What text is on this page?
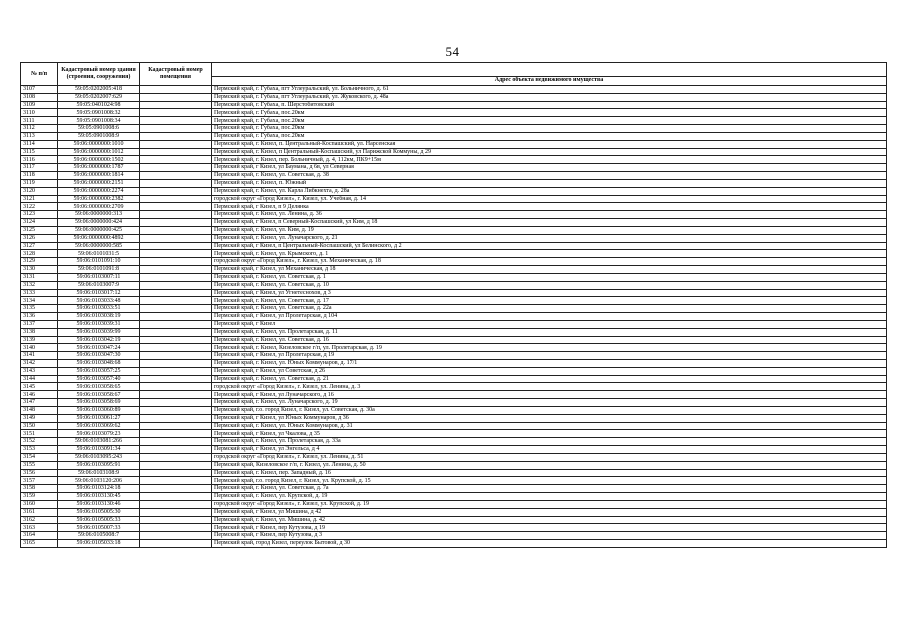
54
№ п/п	Кадастровый номер здания (строения, сооружения)	Кадастровый номер помещения	
			Адрес объекта недвижимого имущества
3107	59:05:0202005:418		Пермский край, г. Губаха, пгт Углеуральский, ул. Больничного, д. 61
3108	59:05:0202007:629		Пермский край, г. Губаха, пгт Углеуральский, ул. Жуковского, д. 48а
3109	59:05:0401024:98		Пермский край, г. Губаха, п. Шерстобитовский
3110	59:05:0901008:32		Пермский край, г. Губаха, пос.20км
3111	59:05:0901008:34		Пермский край, г. Губаха, пос.20км
3112	59:05:0901008:6		Пермский край, г. Губаха, пос.20км
3113	59:05:0901008:9		Пермский край, г. Губаха, пос.20км
3114	59:06:0000000:1010		Пермский край, г. Кизел, п. Центральный-Коспашский, ул. Нарсенская
3115	59:06:0000000:1012		Пермский край, г. Кизел, п Центральный-Коспашский, ул Парижской Коммуны, д 29
3116	59:06:0000000:1502		Пермский край, г. Кизел, пер. Больничный, д. 4, 112км, ПК9+15м
3117	59:06:0000000:1787		Пермский край, г Кизел, ул Баумана, д 6в, ул Северная
3118	59:06:0000000:1814		Пермский край, г. Кизел, ул. Советская, д. 38
3119	59:06:0000000:2151		Пермский край, г. Кизел, п. Южный
3120	59:06:0000000:2274		Пермский край, г. Кизел, ул. Карла Либкнехта, д. 28а
3121	59:06:0000000:2382		городской округ «Город Кизел», г. Кизел, ул. Учебная, д. 14
3122	59:06:0000000:2709		Пермский край, г Кизел, п 9 Делянка
3123	59:06:0000000:313		Пермский край, г. Кизел, ул. Ленина, д. 36
3124	59:06:0000000:424		Пермский край, г Кизел, п Северный-Коспашский, ул Ким, д 18
3125	59:06:0000000:425		Пермский край, г. Кизел, ул. Ким, д. 19
3126	59:06:0000000:4892		Пермский край, г. Кизел, ул. Луначарского, д. 21
3127	59:06:0000000:585		Пермский край, г Кизел, п Центральный-Коспашский, ул Белинского, д 2
3128	59:06:0101031:5		Пермский край, г. Кизел, ул. Крымского, д. 1
3129	59:06:0101091:10		городской округ «Город Кизел», г. Кизел, ул. Механическая, д. 18
3130	59:06:0101091:8		Пермский край, г Кизел, ул Механическая, д 18
3131	59:06:0103007:11		Пермский край, г. Кизел, ул. Советская, д. 1
3132	59:06:0103007:9		Пермский край, г. Кизел, ул. Советская, д. 10
3133	59:06:0103017:12		Пермский край, г Кизел, ул Угнетеснохов, д 3
3134	59:06:0103033:48		Пермский край, г. Кизел, ул. Советская, д. 17
3135	59:06:0103033:51		Пермский край, г. Кизел, ул. Советская, д. 22а
3136	59:06:0103038:19		Пермский край, г Кизел, ул Пролетарская, д 104
3137	59:06:0103039:31		Пермский край, г Кизел
3138	59:06:0103039:99		Пермский край, г. Кизел, ул. Пролетарская, д. 11
3139	59:06:0103042:19		Пермский край, г. Кизел, ул. Советская, д. 16
3140	59:06:0103047:24		Пермский край, г. Кизел, Кизеловское г/п, ул. Пролетарская, д. 19
3141	59:06:0103047:30		Пермский край, г Кизел, ул Пролетарская, д 19
3142	59:06:0103048:68		Пермский край, г. Кизел, ул. Юных Коммунаров, д. 17/1
3143	59:06:0103057:25		Пермский край, г Кизел, ул Советская, д 26
3144	59:06:0103057:40		Пермский край, г. Кизел, ул. Советская, д. 21
3145	59:06:0103058:65		городской округ «Город Кизел», г. Кизел, ул. Ленина, д. 3
3146	59:06:0103058:67		Пермский край, г Кизел, ул Луначарского, д 16
3147	59:06:0103058:69		Пермский край, г. Кизел, ул. Луначарского, д. 19
3148	59:06:0103060:89		Пермский край, г.о. город Кизел, г. Кизел, ул. Советская, д. 30а
3149	59:06:0103061:27		Пермский край, г Кизел, ул Юных Коммунаров, д 36
3150	59:06:0103069:62		Пермский край, г. Кизел, ул. Юных Коммунаров, д. 31
3151	59:06:0103079:23		Пермский край, г Кизел, ул Чкалова, д 35
3152	59:06:0103081:266		Пермский край, г. Кизел, ул. Пролетарская, д. 33а
3153	59:06:0103091:34		Пермский край, г Кизел, ул Энгельса, д 4
3154	59:06:0103095:243		городской округ «Город Кизел», г. Кизел, ул. Ленина, д. 51
3155	59:06:0103095:91		Пермский край, Кизеловское г/п, г. Кизел, ул. Ленина, д. 50
3156	59:06:0103108:9		Пермский край, г. Кизел, пер. Западный, д. 16
3157	59:06:0103120:206		Пермский край, г.о. город Кизел, г. Кизел, ул. Крупской, д. 15
3158	59:06:0103124:18		Пермский край, г. Кизел, ул. Советская, д. 7а
3159	59:06:0103130:45		Пермский край, г. Кизел, ул. Крупской, д. 19
3160	59:06:0103130:46		городской округ «Город Кизел», г. Кизел, ул. Крупской, д. 19
3161	59:06:0105005:30		Пермский край, г Кизел, ул Мишина, д 42
3162	59:06:0105005:33		Пермский край, г. Кизел, ул. Мишина, д. 42
3163	59:06:0105007:33		Пермский край, г Кизел, пер Кутузова, д 19
3164	59:06:0105008:7		Пермский край, г Кизел, пер Кутузова, д 3
3165	59:06:0105033:18		Пермский край, город Кизел, переулок Бытовой, д 30
